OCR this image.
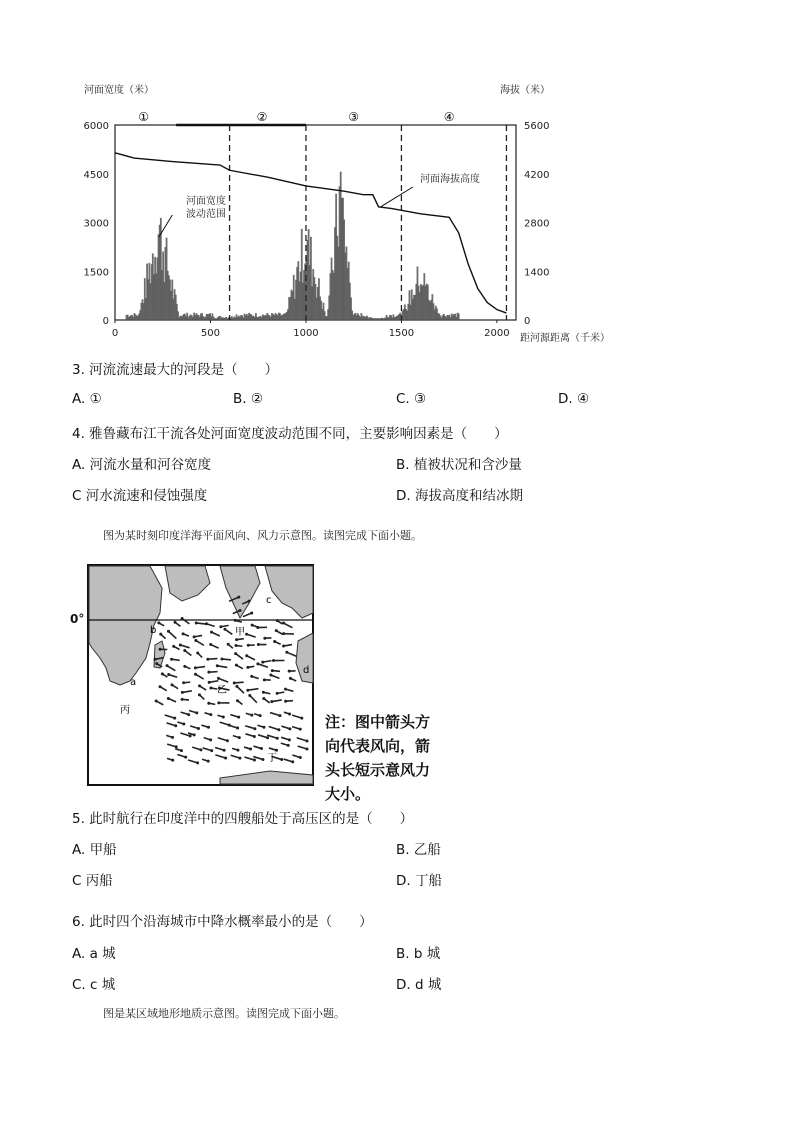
①	②	③	④
0	500	1000	1500	2000
0
1500
3000
4500
6000
0
1400
2800
4200
5600
河面宽度（米）	海拔（米）
距河源距离（千米）
河面宽度
波动范围
河面海拔高度
3. 河流流速最大的河段是（　　）
A. ①	B. ②	C. ③	D. ④
4. 雅鲁藏布江干流各处河面宽度波动范围不同，主要影响因素是（　　）
A. 河流水量和河谷宽度	B. 植被状况和含沙量
C 河水流速和侵蚀强度	D. 海拔高度和结冰期
图为某时刻印度洋海平面风向、风力示意图。读图完成下面小题。
a
b
c
d
甲
乙
丙
丁
0°
注：图中箭头方
向代表风向，箭
头长短示意风力
大小。
5. 此时航行在印度洋中的四艘船处于高压区的是（　　）
A. 甲船	B. 乙船
C 丙船	D. 丁船
6. 此时四个沿海城市中降水概率最小的是（　　）
A. a 城	B. b 城
C. c 城	D. d 城
图是某区域地形地质示意图。读图完成下面小题。
